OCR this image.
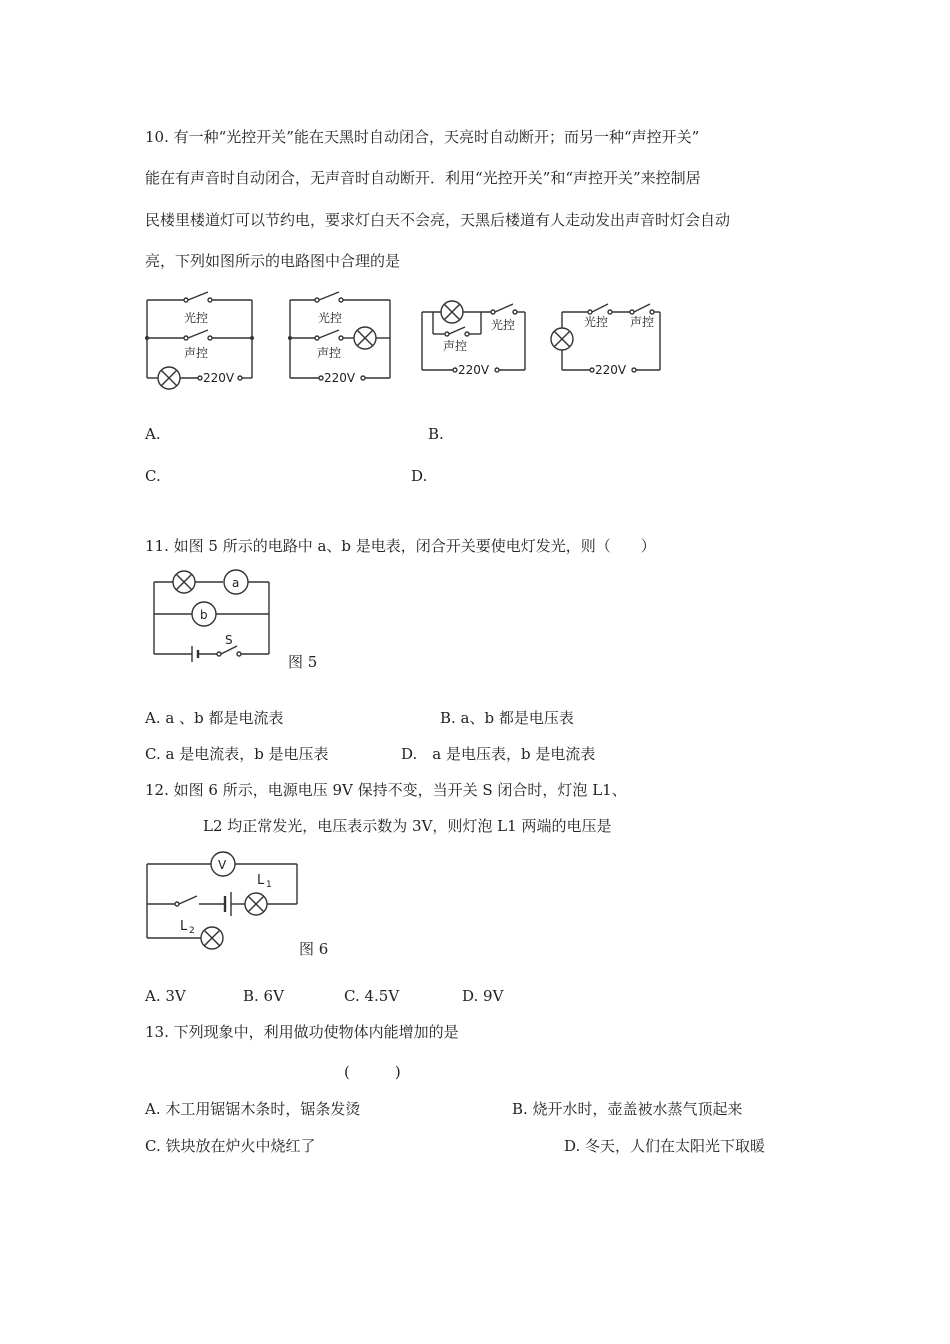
10. 有一种“光控开关”能在天黑时自动闭合，天亮时自动断开；而另一种“声控开关”
能在有声音时自动闭合，无声音时自动断开．利用“光控开关”和“声控开关”来控制居
民楼里楼道灯可以节约电，要求灯白天不会亮，天黑后楼道有人走动发出声音时灯会自动
亮，下列如图所示的电路图中合理的是
光控
声控
220V
光控
声控
220V
光控
声控
220V
光控 声控
220V
A.	B.
C.	D.
11. 如图 5 所示的电路中 a、b 是电表，闭合开关要使电灯发光，则（　　）
a
b
S
图 5
A. a 、b 都是电流表	B. a、b 都是电压表
C. a 是电流表，b 是电压表	D.　a 是电压表，b 是电流表
12. 如图 6 所示，电源电压 9V 保持不变，当开关 S 闭合时，灯泡 L1、
L2 均正常发光，电压表示数为 3V，则灯泡 L1 两端的电压是
V
L 1
L 2
图 6
A. 3V	B. 6V	C. 4.5V	D. 9V
13. 下列现象中，利用做功使物体内能增加的是
(　　　)
A. 木工用锯锯木条时，锯条发烫	B. 烧开水时，壶盖被水蒸气顶起来
C. 铁块放在炉火中烧红了	D. 冬天，人们在太阳光下取暖
